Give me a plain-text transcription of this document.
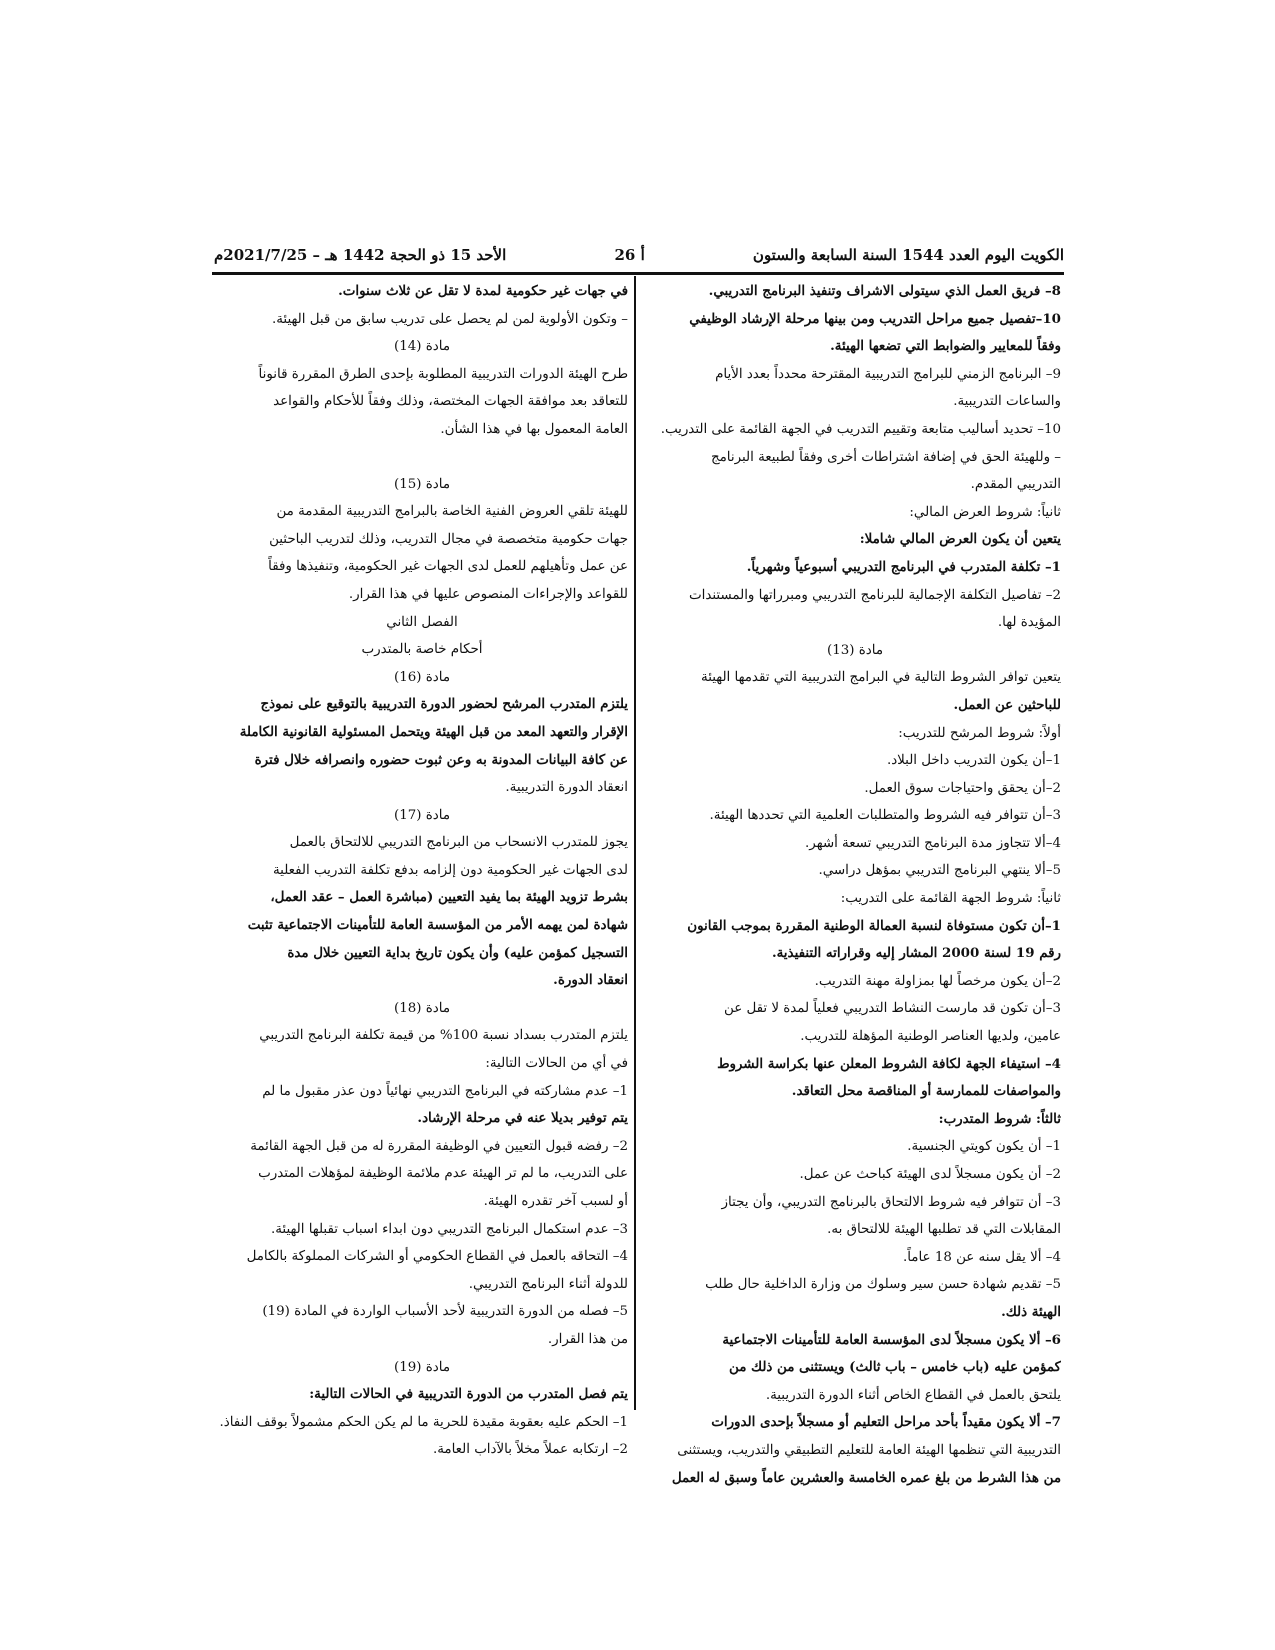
الكويت اليوم العدد 1544 السنة السابعة والستون
أ 26
الأحد 15 ذو الحجة 1442 هـ – 2021/7/25م
8– فريق العمل الذي سيتولى الاشراف وتنفيذ البرنامج التدريبي.
10–تفصيل جميع مراحل التدريب ومن بينها مرحلة الإرشاد الوظيفي
وفقاً للمعايير والضوابط التي تضعها الهيئة.
9– البرنامج الزمني للبرامج التدريبية المقترحة محدداً بعدد الأيام
والساعات التدريبية.
10– تحديد أساليب متابعة وتقييم التدريب في الجهة القائمة على التدريب.
– وللهيئة الحق في إضافة اشتراطات أخرى وفقاً لطبيعة البرنامج
التدريبي المقدم.
ثانياً: شروط العرض المالي:
يتعين أن يكون العرض المالي شاملا:
1– تكلفة المتدرب في البرنامج التدريبي أسبوعياً وشهرياً.
2– تفاصيل التكلفة الإجمالية للبرنامج التدريبي ومبرراتها والمستندات
المؤيدة لها.
مادة (13)
يتعين توافر الشروط التالية في البرامج التدريبية التي تقدمها الهيئة
للباحثين عن العمل.
أولاً: شروط المرشح للتدريب:
1–أن يكون التدريب داخل البلاد.
2–أن يحقق واحتياجات سوق العمل.
3–أن تتوافر فيه الشروط والمتطلبات العلمية التي تحددها الهيئة.
4–ألا تتجاوز مدة البرنامج التدريبي تسعة أشهر.
5–ألا ينتهي البرنامج التدريبي بمؤهل دراسي.
ثانياً: شروط الجهة القائمة على التدريب:
1–أن تكون مستوفاة لنسبة العمالة الوطنية المقررة بموجب القانون
رقم 19 لسنة 2000 المشار إليه وقراراته التنفيذية.
2–أن يكون مرخصاً لها بمزاولة مهنة التدريب.
3–أن تكون قد مارست النشاط التدريبي فعلياً لمدة لا تقل عن
عامين، ولديها العناصر الوطنية المؤهلة للتدريب.
4– استيفاء الجهة لكافة الشروط المعلن عنها بكراسة الشروط
والمواصفات للممارسة أو المناقصة محل التعاقد.
ثالثاً: شروط المتدرب:
1– أن يكون كويتي الجنسية.
2– أن يكون مسجلاً لدى الهيئة كباحث عن عمل.
3– أن تتوافر فيه شروط الالتحاق بالبرنامج التدريبي، وأن يجتاز
المقابلات التي قد تطلبها الهيئة للالتحاق به.
4– ألا يقل سنه عن 18 عاماً.
5– تقديم شهادة حسن سير وسلوك من وزارة الداخلية حال طلب
الهيئة ذلك.
6– ألا يكون مسجلاً لدى المؤسسة العامة للتأمينات الاجتماعية
كمؤمن عليه (باب خامس – باب ثالث) ويستثنى من ذلك من
يلتحق بالعمل في القطاع الخاص أثناء الدورة التدريبية.
7– ألا يكون مقيداً بأحد مراحل التعليم أو مسجلاً بإحدى الدورات
التدريبية التي تنظمها الهيئة العامة للتعليم التطبيقي والتدريب، ويستثنى
من هذا الشرط من بلغ عمره الخامسة والعشرين عاماً وسبق له العمل
في جهات غير حكومية لمدة لا تقل عن ثلاث سنوات.
– وتكون الأولوية لمن لم يحصل على تدريب سابق من قبل الهيئة.
مادة (14)
طرح الهيئة الدورات التدريبية المطلوبة بإحدى الطرق المقررة قانوناً
للتعاقد بعد موافقة الجهات المختصة، وذلك وفقاً للأحكام والقواعد
العامة المعمول بها في هذا الشأن.
مادة (15)
للهيئة تلقي العروض الفنية الخاصة بالبرامج التدريبية المقدمة من
جهات حكومية متخصصة في مجال التدريب، وذلك لتدريب الباحثين
عن عمل وتأهيلهم للعمل لدى الجهات غير الحكومية، وتنفيذها وفقاً
للقواعد والإجراءات المنصوص عليها في هذا القرار.
الفصل الثاني
أحكام خاصة بالمتدرب
مادة (16)
يلتزم المتدرب المرشح لحضور الدورة التدريبية بالتوقيع على نموذج
الإقرار والتعهد المعد من قبل الهيئة ويتحمل المسئولية القانونية الكاملة
عن كافة البيانات المدونة به وعن ثبوت حضوره وانصرافه خلال فترة
انعقاد الدورة التدريبية.
مادة (17)
يجوز للمتدرب الانسحاب من البرنامج التدريبي للالتحاق بالعمل
لدى الجهات غير الحكومية دون إلزامه بدفع تكلفة التدريب الفعلية
بشرط تزويد الهيئة بما يفيد التعيين (مباشرة العمل – عقد العمل،
شهادة لمن يهمه الأمر من المؤسسة العامة للتأمينات الاجتماعية تثبت
التسجيل كمؤمن عليه) وأن يكون تاريخ بداية التعيين خلال مدة
انعقاد الدورة.
مادة (18)
يلتزم المتدرب بسداد نسبة 100% من قيمة تكلفة البرنامج التدريبي
في أي من الحالات التالية:
1– عدم مشاركته في البرنامج التدريبي نهائياً دون عذر مقبول ما لم
يتم توفير بديلا عنه في مرحلة الإرشاد.
2– رفضه قبول التعيين في الوظيفة المقررة له من قبل الجهة القائمة
على التدريب، ما لم تر الهيئة عدم ملائمة الوظيفة لمؤهلات المتدرب
أو لسبب آخر تقدره الهيئة.
3– عدم استكمال البرنامج التدريبي دون ابداء اسباب تقبلها الهيئة.
4– التحاقه بالعمل في القطاع الحكومي أو الشركات المملوكة بالكامل
للدولة أثناء البرنامج التدريبي.
5– فصله من الدورة التدريبية لأحد الأسباب الواردة في المادة (19)
من هذا القرار.
مادة (19)
يتم فصل المتدرب من الدورة التدريبية في الحالات التالية:
1– الحكم عليه بعقوبة مقيدة للحرية ما لم يكن الحكم مشمولاً بوقف النفاذ.
2– ارتكابه عملاً مخلاً بالآداب العامة.
